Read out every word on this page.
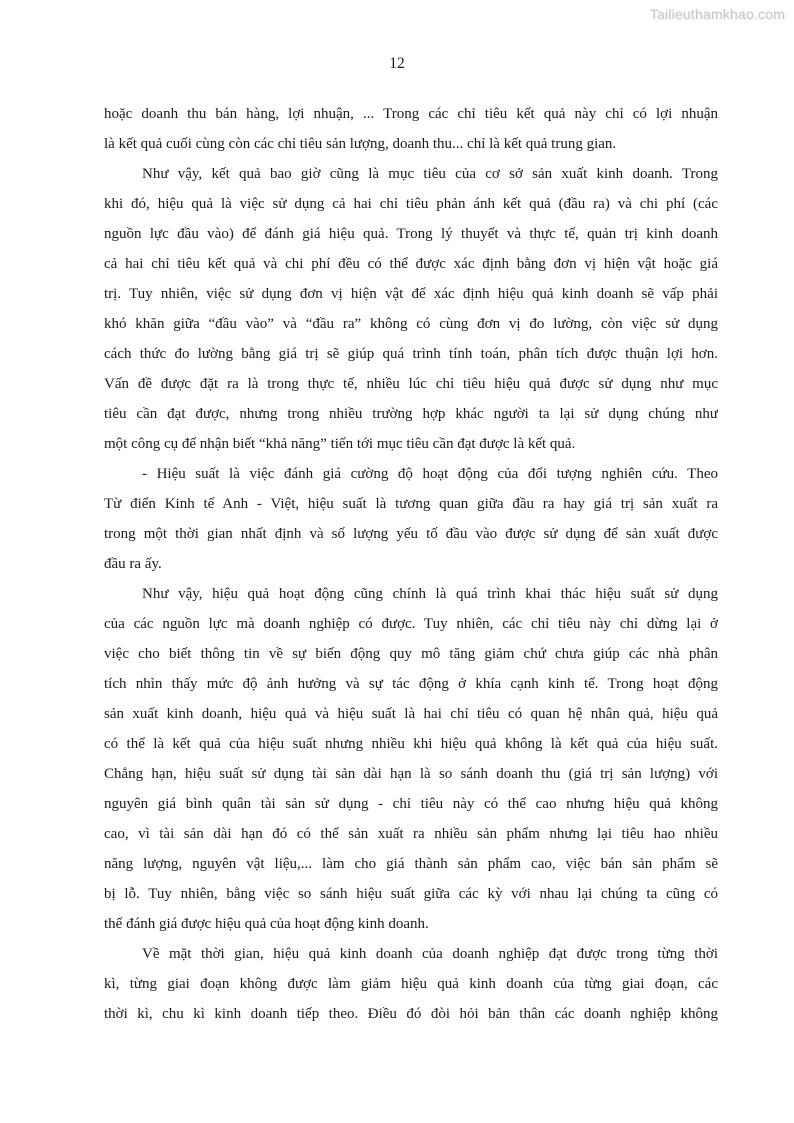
Tailieuthamkhao.com
12
hoặc doanh thu bán hàng, lợi nhuận, ... Trong các chỉ tiêu kết quả này chỉ có lợi nhuận
là kết quả cuối cùng còn các chỉ tiêu sản lượng, doanh thu... chỉ là kết quả trung gian.
Như vậy, kết quả bao giờ cũng là mục tiêu của cơ sở sản xuất kinh doanh. Trong
khi đó, hiệu quả là việc sử dụng cả hai chỉ tiêu phản ánh kết quả (đầu ra) và chi phí (các
nguồn lực đầu vào) để đánh giá hiệu quả. Trong lý thuyết và thực tế, quản trị kinh doanh
cả hai chỉ tiêu kết quả và chi phí đều có thể được xác định bằng đơn vị hiện vật hoặc giá
trị. Tuy nhiên, việc sử dụng đơn vị hiện vật để xác định hiệu quả kinh doanh sẽ vấp phải
khó khăn giữa “đầu vào” và “đầu ra” không có cùng đơn vị đo lường, còn việc sử dụng
cách thức đo lường bằng giá trị sẽ giúp quá trình tính toán, phân tích được thuận lợi hơn.
Vấn đề được đặt ra là trong thực tế, nhiều lúc chỉ tiêu hiệu quả được sử dụng như mục
tiêu cần đạt được, nhưng trong nhiều trường hợp khác người ta lại sử dụng chúng như
một công cụ để nhận biết “khả năng” tiến tới mục tiêu cần đạt được là kết quả.
- Hiệu suất là việc đánh giá cường độ hoạt động của đối tượng nghiên cứu. Theo
Từ điển Kinh tế Anh - Việt, hiệu suất là tương quan giữa đầu ra hay giá trị sản xuất ra
trong một thời gian nhất định và số lượng yếu tố đầu vào được sử dụng để sản xuất được
đầu ra ấy.
Như vậy, hiệu quả hoạt động cũng chính là quá trình khai thác hiệu suất sử dụng
của các nguồn lực mà doanh nghiệp có được. Tuy nhiên, các chỉ tiêu này chỉ dừng lại ở
việc cho biết thông tin về sự biến động quy mô tăng giảm chứ chưa giúp các nhà phân
tích nhìn thấy mức độ ảnh hưởng và sự tác động ở khía cạnh kinh tế. Trong hoạt động
sản xuất kinh doanh, hiệu quả và hiệu suất là hai chỉ tiêu có quan hệ nhân quả, hiệu quả
có thể là kết quả của hiệu suất nhưng nhiều khi hiệu quả không là kết quả của hiệu suất.
Chẳng hạn, hiệu suất sử dụng tài sản dài hạn là so sánh doanh thu (giá trị sản lượng) với
nguyên giá bình quân tài sản sử dụng - chỉ tiêu này có thể cao nhưng hiệu quả không
cao, vì tài sản dài hạn đó có thể sản xuất ra nhiều sản phẩm nhưng lại tiêu hao nhiều
năng lượng, nguyên vật liệu,... làm cho giá thành sản phẩm cao, việc bán sản phẩm sẽ
bị lỗ. Tuy nhiên, bằng việc so sánh hiệu suất giữa các kỳ với nhau lại chúng ta cũng có
thể đánh giá được hiệu quả của hoạt động kinh doanh.
Về mặt thời gian, hiệu quả kinh doanh của doanh nghiệp đạt được trong từng thời
kì, từng giai đoạn không được làm giảm hiệu quả kinh doanh của từng giai đoạn, các
thời kì, chu kì kinh doanh tiếp theo. Điều đó đòi hỏi bản thân các doanh nghiệp không
